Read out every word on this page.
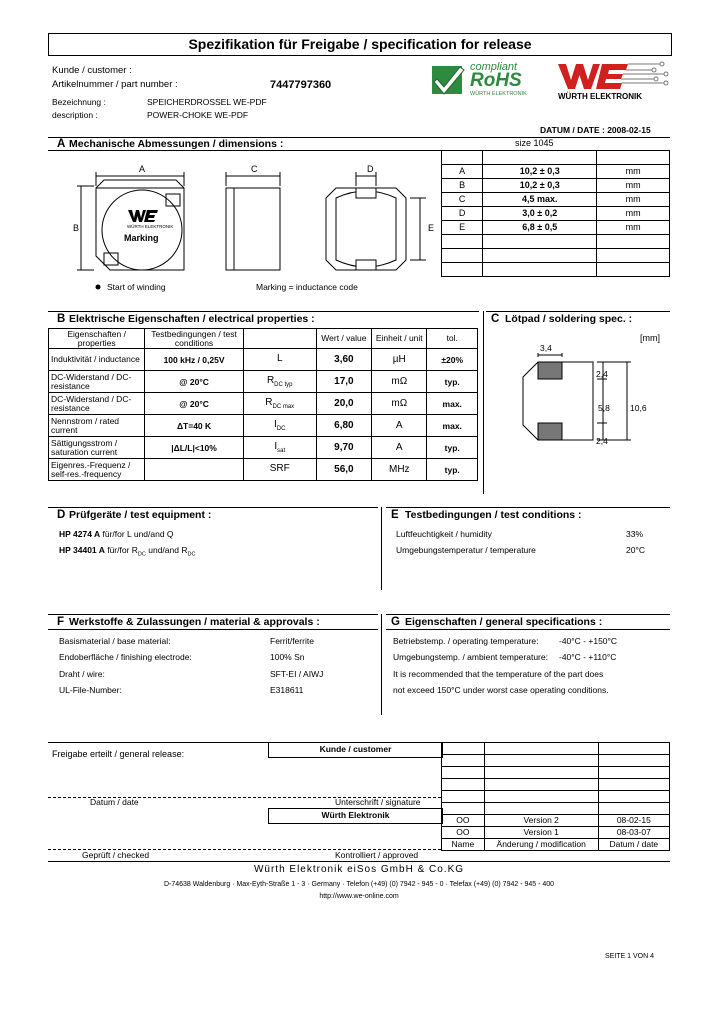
Spezifikation für Freigabe / specification for release
Kunde / customer :
Artikelnummer / part number :	7447797360
Bezeichnung :	SPEICHERDROSSEL WE-PDF
description :	POWER-CHOKE WE-PDF
DATUM / DATE : 2008-02-15
compliant
RoHS
WÜRTH ELEKTRONIK	WÜRTH ELEKTRONIK
A Mechanische Abmessungen / dimensions :	size 1045

A	10,2 ± 0,3	mm
B	10,2 ± 0,3	mm
C	4,5 max.	mm
D	3,0 ± 0,2	mm
E	6,8 ± 0,5	mm

WÜRTH ELEKTRONIK
Marking
A
B
C	D
E
Start of winding	Marking = inductance code
B Elektrische Eigenschaften / electrical properties :
Eigenschaften / properties	Testbedingungen / test conditions		Wert / value	Einheit / unit	tol.
Induktivität / inductance	100 kHz / 0,25V	L	3,60	µH	±20%
DC-Widerstand / DC-resistance	@ 20°C	$R_{DC typ}$	17,0	mΩ	typ.
DC-Widerstand / DC-resistance	@ 20°C	$R_{DC max}$	20,0	mΩ	max.
Nennstrom / rated current	ΔT=40 K	$I_{DC}$	6,80	A	max.
Sättigungsstrom / saturation current	|ΔL/L|<10%	$I_{sat}$	9,70	A	typ.
Eigenres.-Frequenz / self-res.-frequency		SRF	56,0	MHz	typ.
C Lötpad / soldering spec. :
[mm]
3,4
2,4
5,8 10,6
2,4
D Prüfgeräte / test equipment :	E Testbedingungen / test conditions :
HP 4274 A für/for L und/and Q
HP 34401 A für/for $R_{DC}$ und/and $R_{DC}$
Luftfeuchtigkeit / humidity	33%
Umgebungstemperatur / temperature	20°C
F Werkstoffe & Zulassungen / material & approvals :	G Eigenschaften / general specifications :
Basismaterial / base material:	Ferrit/ferrite
Endoberfläche / finishing electrode:	100% Sn
Draht / wire:	SFT-EI / AIWJ
UL-File-Number:	E318611
Betriebstemp. / operating temperature: -40°C - +150°C
Umgebungstemp. / ambient temperature: -40°C - +110°C
It is recommended that the temperature of the part does
not exceed 150°C under worst case operating conditions.
Freigabe erteilt / general release:	Kunde / customer
Datum / date	Unterschrift / signature
Würth Elektronik
Geprüft / checked	Kontrolliert / approved

OO	Version 2	08-02-15
OO	Version 1	08-03-07
Name	Änderung / modification	Datum / date
Würth Elektronik eiSos GmbH & Co.KG
D-74638 Waldenburg · Max-Eyth-Straße 1 - 3 · Germany · Telefon (+49) (0) 7942 - 945 - 0 · Telefax (+49) (0) 7942 - 945 - 400
http://www.we-online.com
SEITE 1 VON 4
